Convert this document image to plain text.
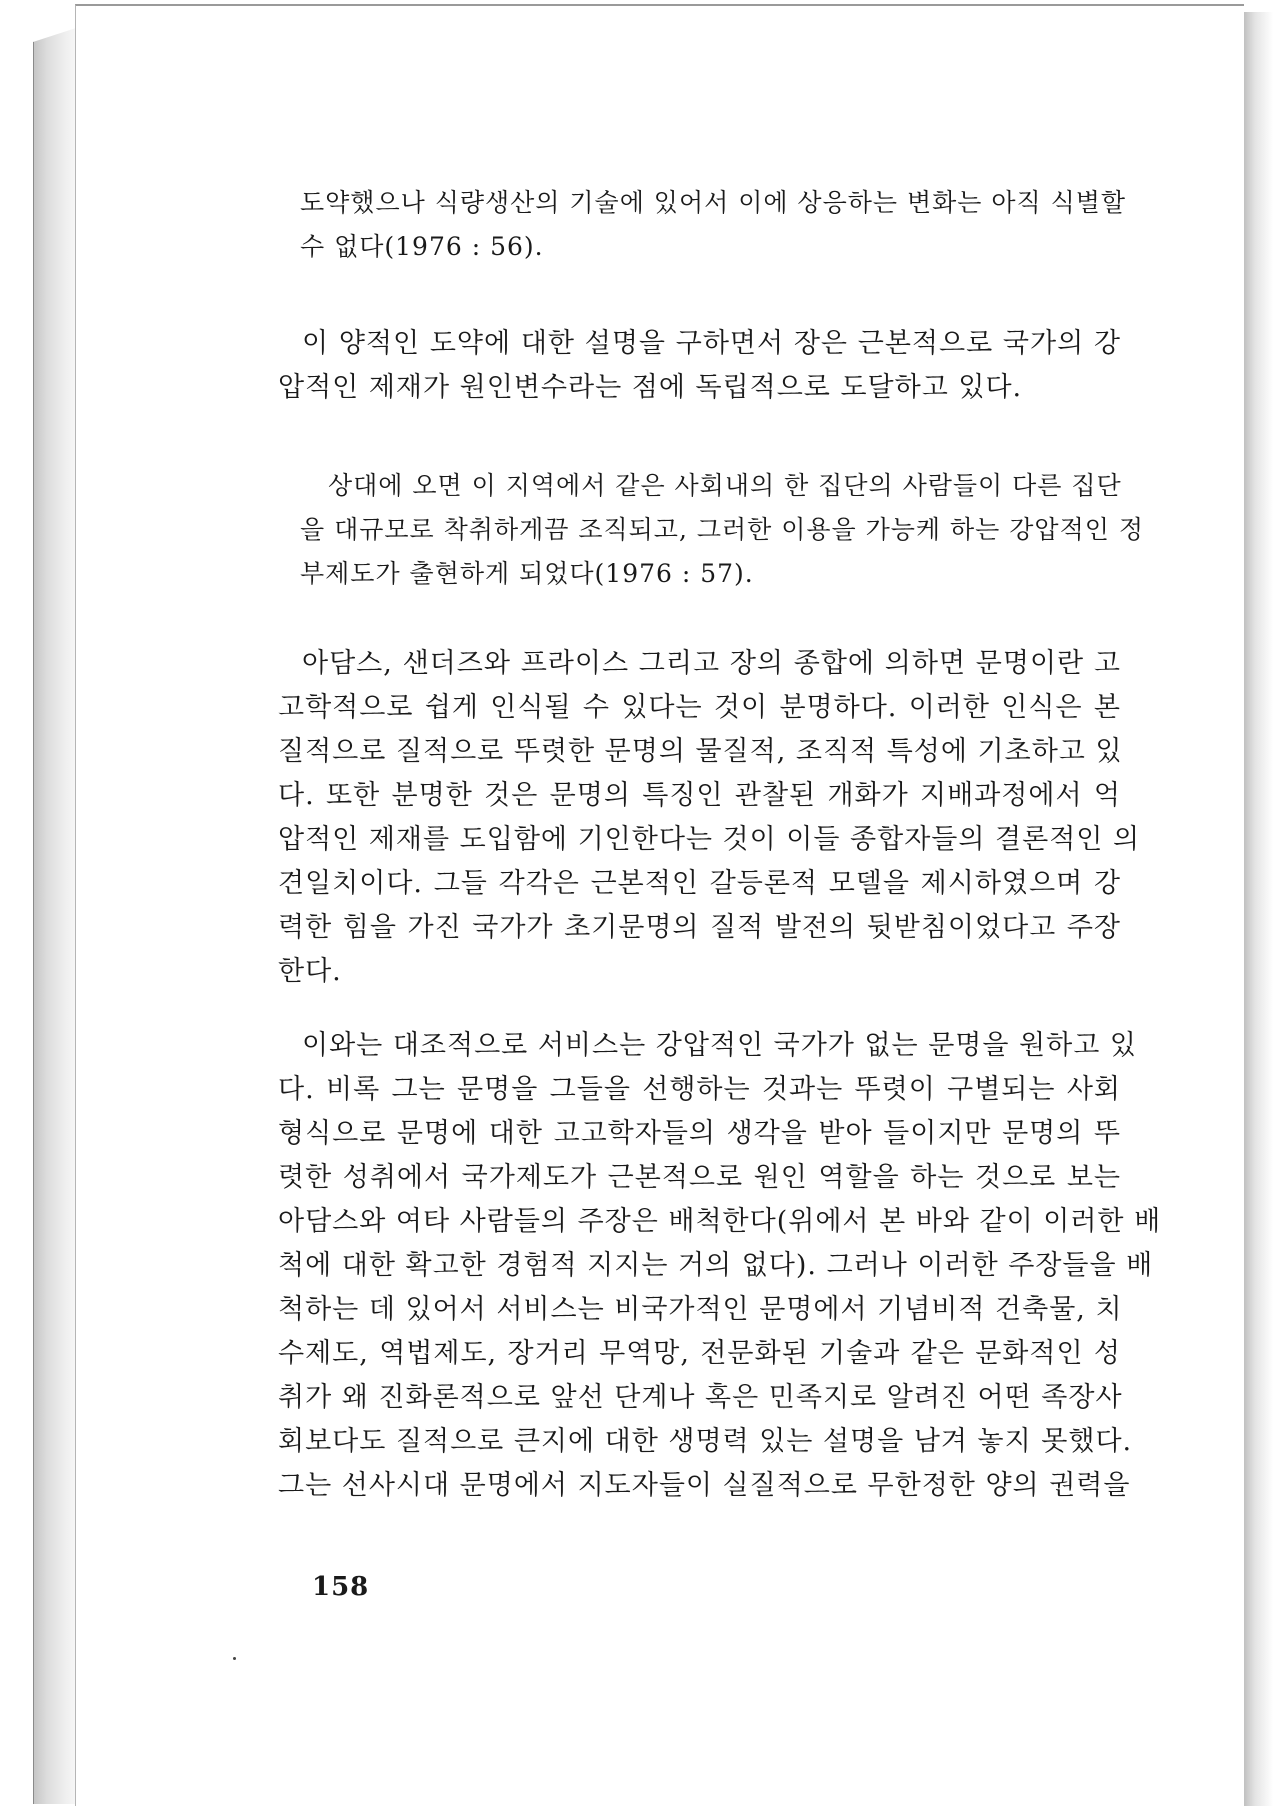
도약했으나 식량생산의 기술에 있어서 이에 상응하는 변화는 아직 식별할
수 없다(1976 : 56).
이 양적인 도약에 대한 설명을 구하면서 장은 근본적으로 국가의 강
압적인 제재가 원인변수라는 점에 독립적으로 도달하고 있다.
상대에 오면 이 지역에서 같은 사회내의 한 집단의 사람들이 다른 집단
을 대규모로 착취하게끔 조직되고, 그러한 이용을 가능케 하는 강압적인 정
부제도가 출현하게 되었다(1976 : 57).
아담스, 샌더즈와 프라이스 그리고 장의 종합에 의하면 문명이란 고
고학적으로 쉽게 인식될 수 있다는 것이 분명하다. 이러한 인식은 본
질적으로 질적으로 뚜렷한 문명의 물질적, 조직적 특성에 기초하고 있
다. 또한 분명한 것은 문명의 특징인 관찰된 개화가 지배과정에서 억
압적인 제재를 도입함에 기인한다는 것이 이들 종합자들의 결론적인 의
견일치이다. 그들 각각은 근본적인 갈등론적 모델을 제시하였으며 강
력한 힘을 가진 국가가 초기문명의 질적 발전의 뒷받침이었다고 주장
한다.
이와는 대조적으로 서비스는 강압적인 국가가 없는 문명을 원하고 있
다. 비록 그는 문명을 그들을 선행하는 것과는 뚜렷이 구별되는 사회
형식으로 문명에 대한 고고학자들의 생각을 받아 들이지만 문명의 뚜
렷한 성취에서 국가제도가 근본적으로 원인 역할을 하는 것으로 보는
아담스와 여타 사람들의 주장은 배척한다(위에서 본 바와 같이 이러한 배
척에 대한 확고한 경험적 지지는 거의 없다). 그러나 이러한 주장들을 배
척하는 데 있어서 서비스는 비국가적인 문명에서 기념비적 건축물, 치
수제도, 역법제도, 장거리 무역망, 전문화된 기술과 같은 문화적인 성
취가 왜 진화론적으로 앞선 단계나 혹은 민족지로 알려진 어떤 족장사
회보다도 질적으로 큰지에 대한 생명력 있는 설명을 남겨 놓지 못했다.
그는 선사시대 문명에서 지도자들이 실질적으로 무한정한 양의 권력을
158
